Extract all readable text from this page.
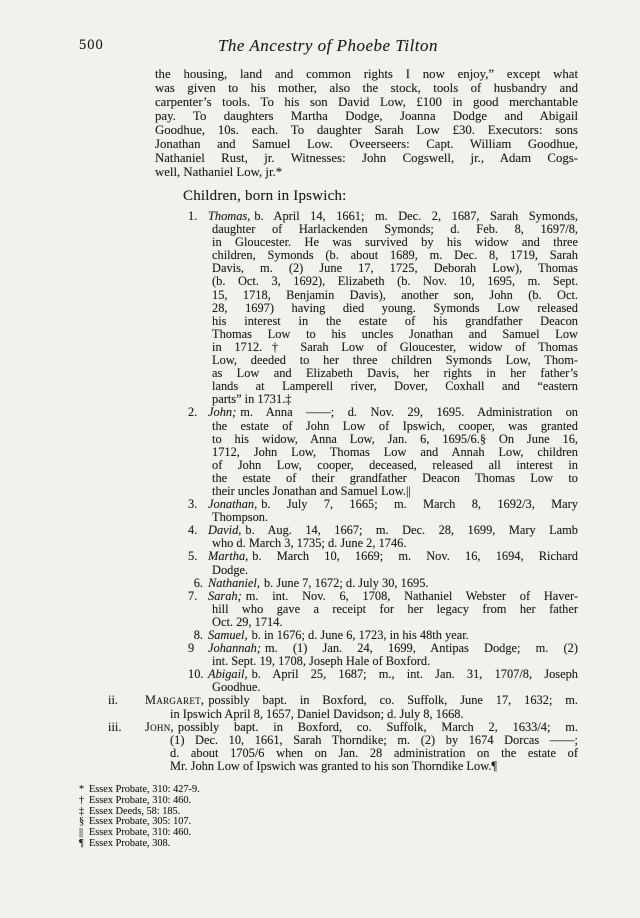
500	The Ancestry of Phoebe Tilton
the housing, land and common rights I now enjoy,” except what
was given to his mother, also the stock, tools of husbandry and
carpenter’s tools. To his son David Low, £100 in good merchantable
pay. To daughters Martha Dodge, Joanna Dodge and Abigail
Goodhue, 10s. each. To daughter Sarah Low £30. Executors: sons
Jonathan and Samuel Low. Oveerseers: Capt. William Goodhue,
Nathaniel Rust, jr. Witnesses: John Cogswell, jr., Adam Cogs-
well, Nathaniel Low, jr.*
Children, born in Ipswich:
1. Thomas, b. April 14, 1661; m. Dec. 2, 1687, Sarah Symonds,
daughter of Harlackenden Symonds; d. Feb. 8, 1697/8,
in Gloucester. He was survived by his widow and three
children, Symonds (b. about 1689, m. Dec. 8, 1719, Sarah
Davis, m. (2) June 17, 1725, Deborah Low), Thomas
(b. Oct. 3, 1692), Elizabeth (b. Nov. 10, 1695, m. Sept.
15, 1718, Benjamin Davis), another son, John (b. Oct.
28, 1697) having died young. Symonds Low released
his interest in the estate of his grandfather Deacon
Thomas Low to his uncles Jonathan and Samuel Low
in 1712.† Sarah Low of Gloucester, widow of Thomas
Low, deeded to her three children Symonds Low, Thom-
as Low and Elizabeth Davis, her rights in her father’s
lands at Lamperell river, Dover, Coxhall and “eastern
parts” in 1731.‡
2. John; m. Anna ——; d. Nov. 29, 1695. Administration on
the estate of John Low of Ipswich, cooper, was granted
to his widow, Anna Low, Jan. 6, 1695/6.§ On June 16,
1712, John Low, Thomas Low and Annah Low, children
of John Low, cooper, deceased, released all interest in
the estate of their grandfather Deacon Thomas Low to
their uncles Jonathan and Samuel Low.||
3. Jonathan, b. July 7, 1665; m. March 8, 1692/3, Mary
Thompson.
4. David, b. Aug. 14, 1667; m. Dec. 28, 1699, Mary Lamb
who d. March 3, 1735; d. June 2, 1746.
5. Martha, b. March 10, 1669; m. Nov. 16, 1694, Richard
Dodge.
6. Nathaniel, b. June 7, 1672; d. July 30, 1695.
7. Sarah; m. int. Nov. 6, 1708, Nathaniel Webster of Haver-
hill who gave a receipt for her legacy from her father
Oct. 29, 1714.
8. Samuel, b. in 1676; d. June 6, 1723, in his 48th year.
9 Johannah; m. (1) Jan. 24, 1699, Antipas Dodge; m. (2)
int. Sept. 19, 1708, Joseph Hale of Boxford.
10. Abigail, b. April 25, 1687; m., int. Jan. 31, 1707/8, Joseph
Goodhue.
ii. Margaret, possibly bapt. in Boxford, co. Suffolk, June 17, 1632; m.
in Ipswich April 8, 1657, Daniel Davidson; d. July 8, 1668.
iii. John, possibly bapt. in Boxford, co. Suffolk, March 2, 1633/4; m.
(1) Dec. 10, 1661, Sarah Thorndike; m. (2) by 1674 Dorcas ——;
d. about 1705/6 when on Jan. 28 administration on the estate of
Mr. John Low of Ipswich was granted to his son Thorndike Low.¶
* Essex Probate, 310: 427-9.
† Essex Probate, 310: 460.
‡ Essex Deeds, 58: 185.
§ Essex Probate, 305: 107.
|| Essex Probate, 310: 460.
¶ Essex Probate, 308.
